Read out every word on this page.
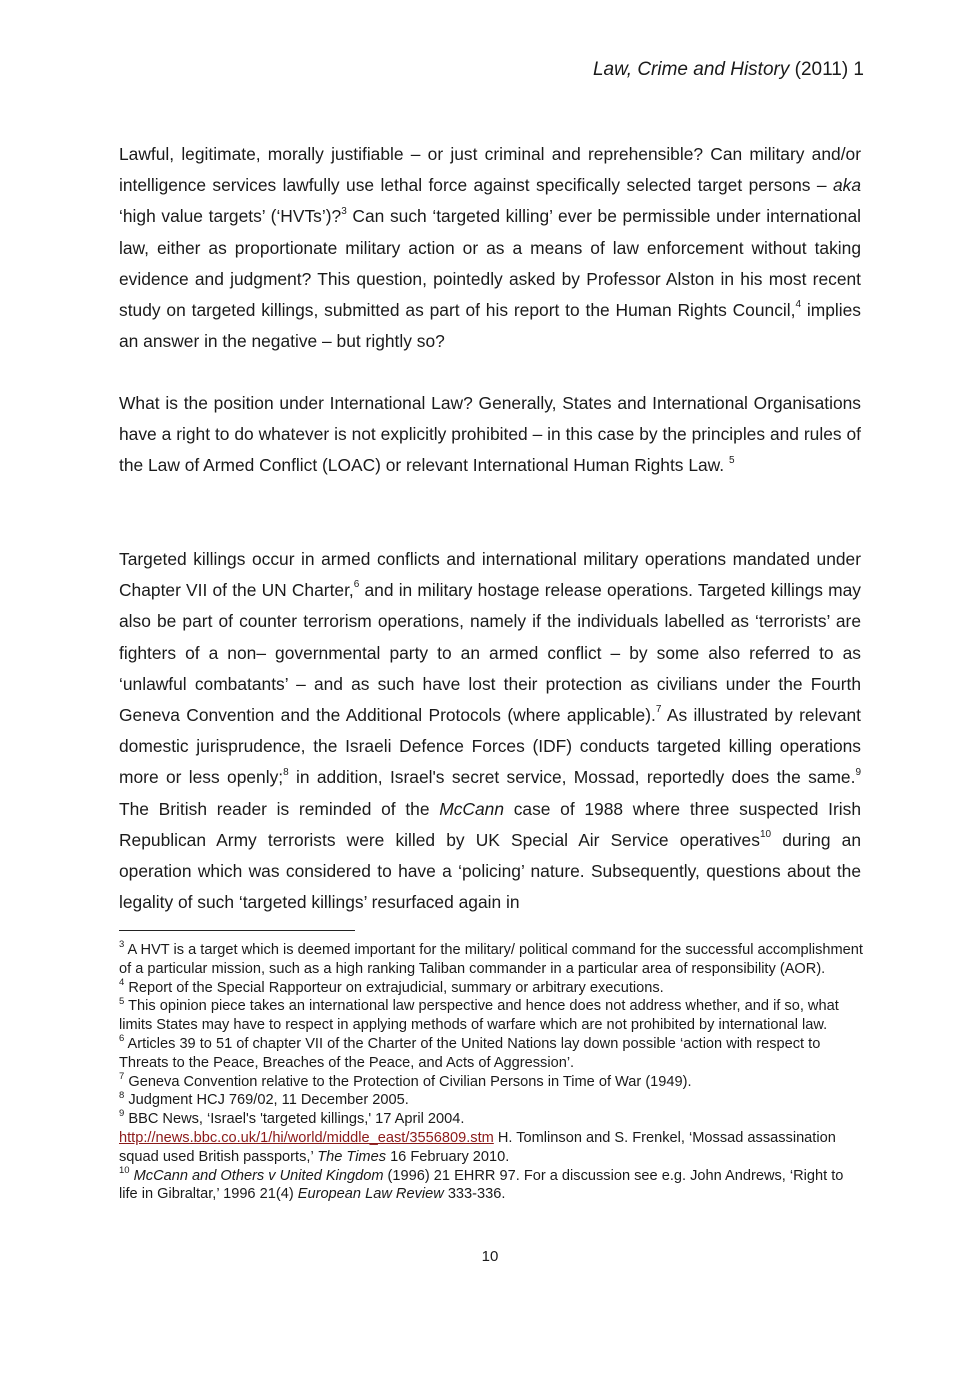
Law, Crime and History (2011) 1

Lawful, legitimate, morally justifiable – or just criminal and reprehensible? Can military and/or intelligence services lawfully use lethal force against specifically selected target persons – aka ‘high value targets’ (‘HVTs’)?$^3$ Can such ‘targeted killing’ ever be permissible under international law, either as proportionate military action or as a means of law enforcement without taking evidence and judgment? This question, pointedly asked by Professor Alston in his most recent study on targeted killings, submitted as part of his report to the Human Rights Council,$^4$ implies an answer in the negative – but rightly so?

What is the position under International Law? Generally, States and International Organisations have a right to do whatever is not explicitly prohibited – in this case by the principles and rules of the Law of Armed Conflict (LOAC) or relevant International Human Rights Law. $^5$

Targeted killings occur in armed conflicts and international military operations mandated under Chapter VII of the UN Charter,$^6$ and in military hostage release operations. Targeted killings may also be part of counter terrorism operations, namely if the individuals labelled as ‘terrorists’ are fighters of a non– governmental party to an armed conflict – by some also referred to as ‘unlawful combatants’ – and as such have lost their protection as civilians under the Fourth Geneva Convention and the Additional Protocols (where applicable).$^7$ As illustrated by relevant domestic jurisprudence, the Israeli Defence Forces (IDF) conducts targeted killing operations more or less openly;$^8$ in addition, Israel's secret service, Mossad, reportedly does the same.$^9$ The British reader is reminded of the McCann case of 1988 where three suspected Irish Republican Army terrorists were killed by UK Special Air Service operatives$^{10}$ during an operation which was considered to have a ‘policing’ nature. Subsequently, questions about the legality of such ‘targeted killings’ resurfaced again in

$^3$ A HVT is a target which is deemed important for the military/ political command for the successful accomplishment of a particular mission, such as a high ranking Taliban commander in a particular area of responsibility (AOR).

$^4$ Report of the Special Rapporteur on extrajudicial, summary or arbitrary executions.

$^5$ This opinion piece takes an international law perspective and hence does not address whether, and if so, what limits States may have to respect in applying methods of warfare which are not prohibited by international law.

$^6$ Articles 39 to 51 of chapter VII of the Charter of the United Nations lay down possible ‘action with respect to Threats to the Peace, Breaches of the Peace, and Acts of Aggression’.

$^7$ Geneva Convention relative to the Protection of Civilian Persons in Time of War (1949).

$^8$ Judgment HCJ 769/02, 11 December 2005.

$^9$ BBC News, ‘Israel's 'targeted killings,' 17 April 2004.
http://news.bbc.co.uk/1/hi/world/middle_east/3556809.stm H. Tomlinson and S. Frenkel, ‘Mossad assassination squad used British passports,’ The Times 16 February 2010.

$^{10}$ McCann and Others v United Kingdom (1996) 21 EHRR 97. For a discussion see e.g. John Andrews, ‘Right to life in Gibraltar,’ 1996 21(4) European Law Review 333-336.

10
